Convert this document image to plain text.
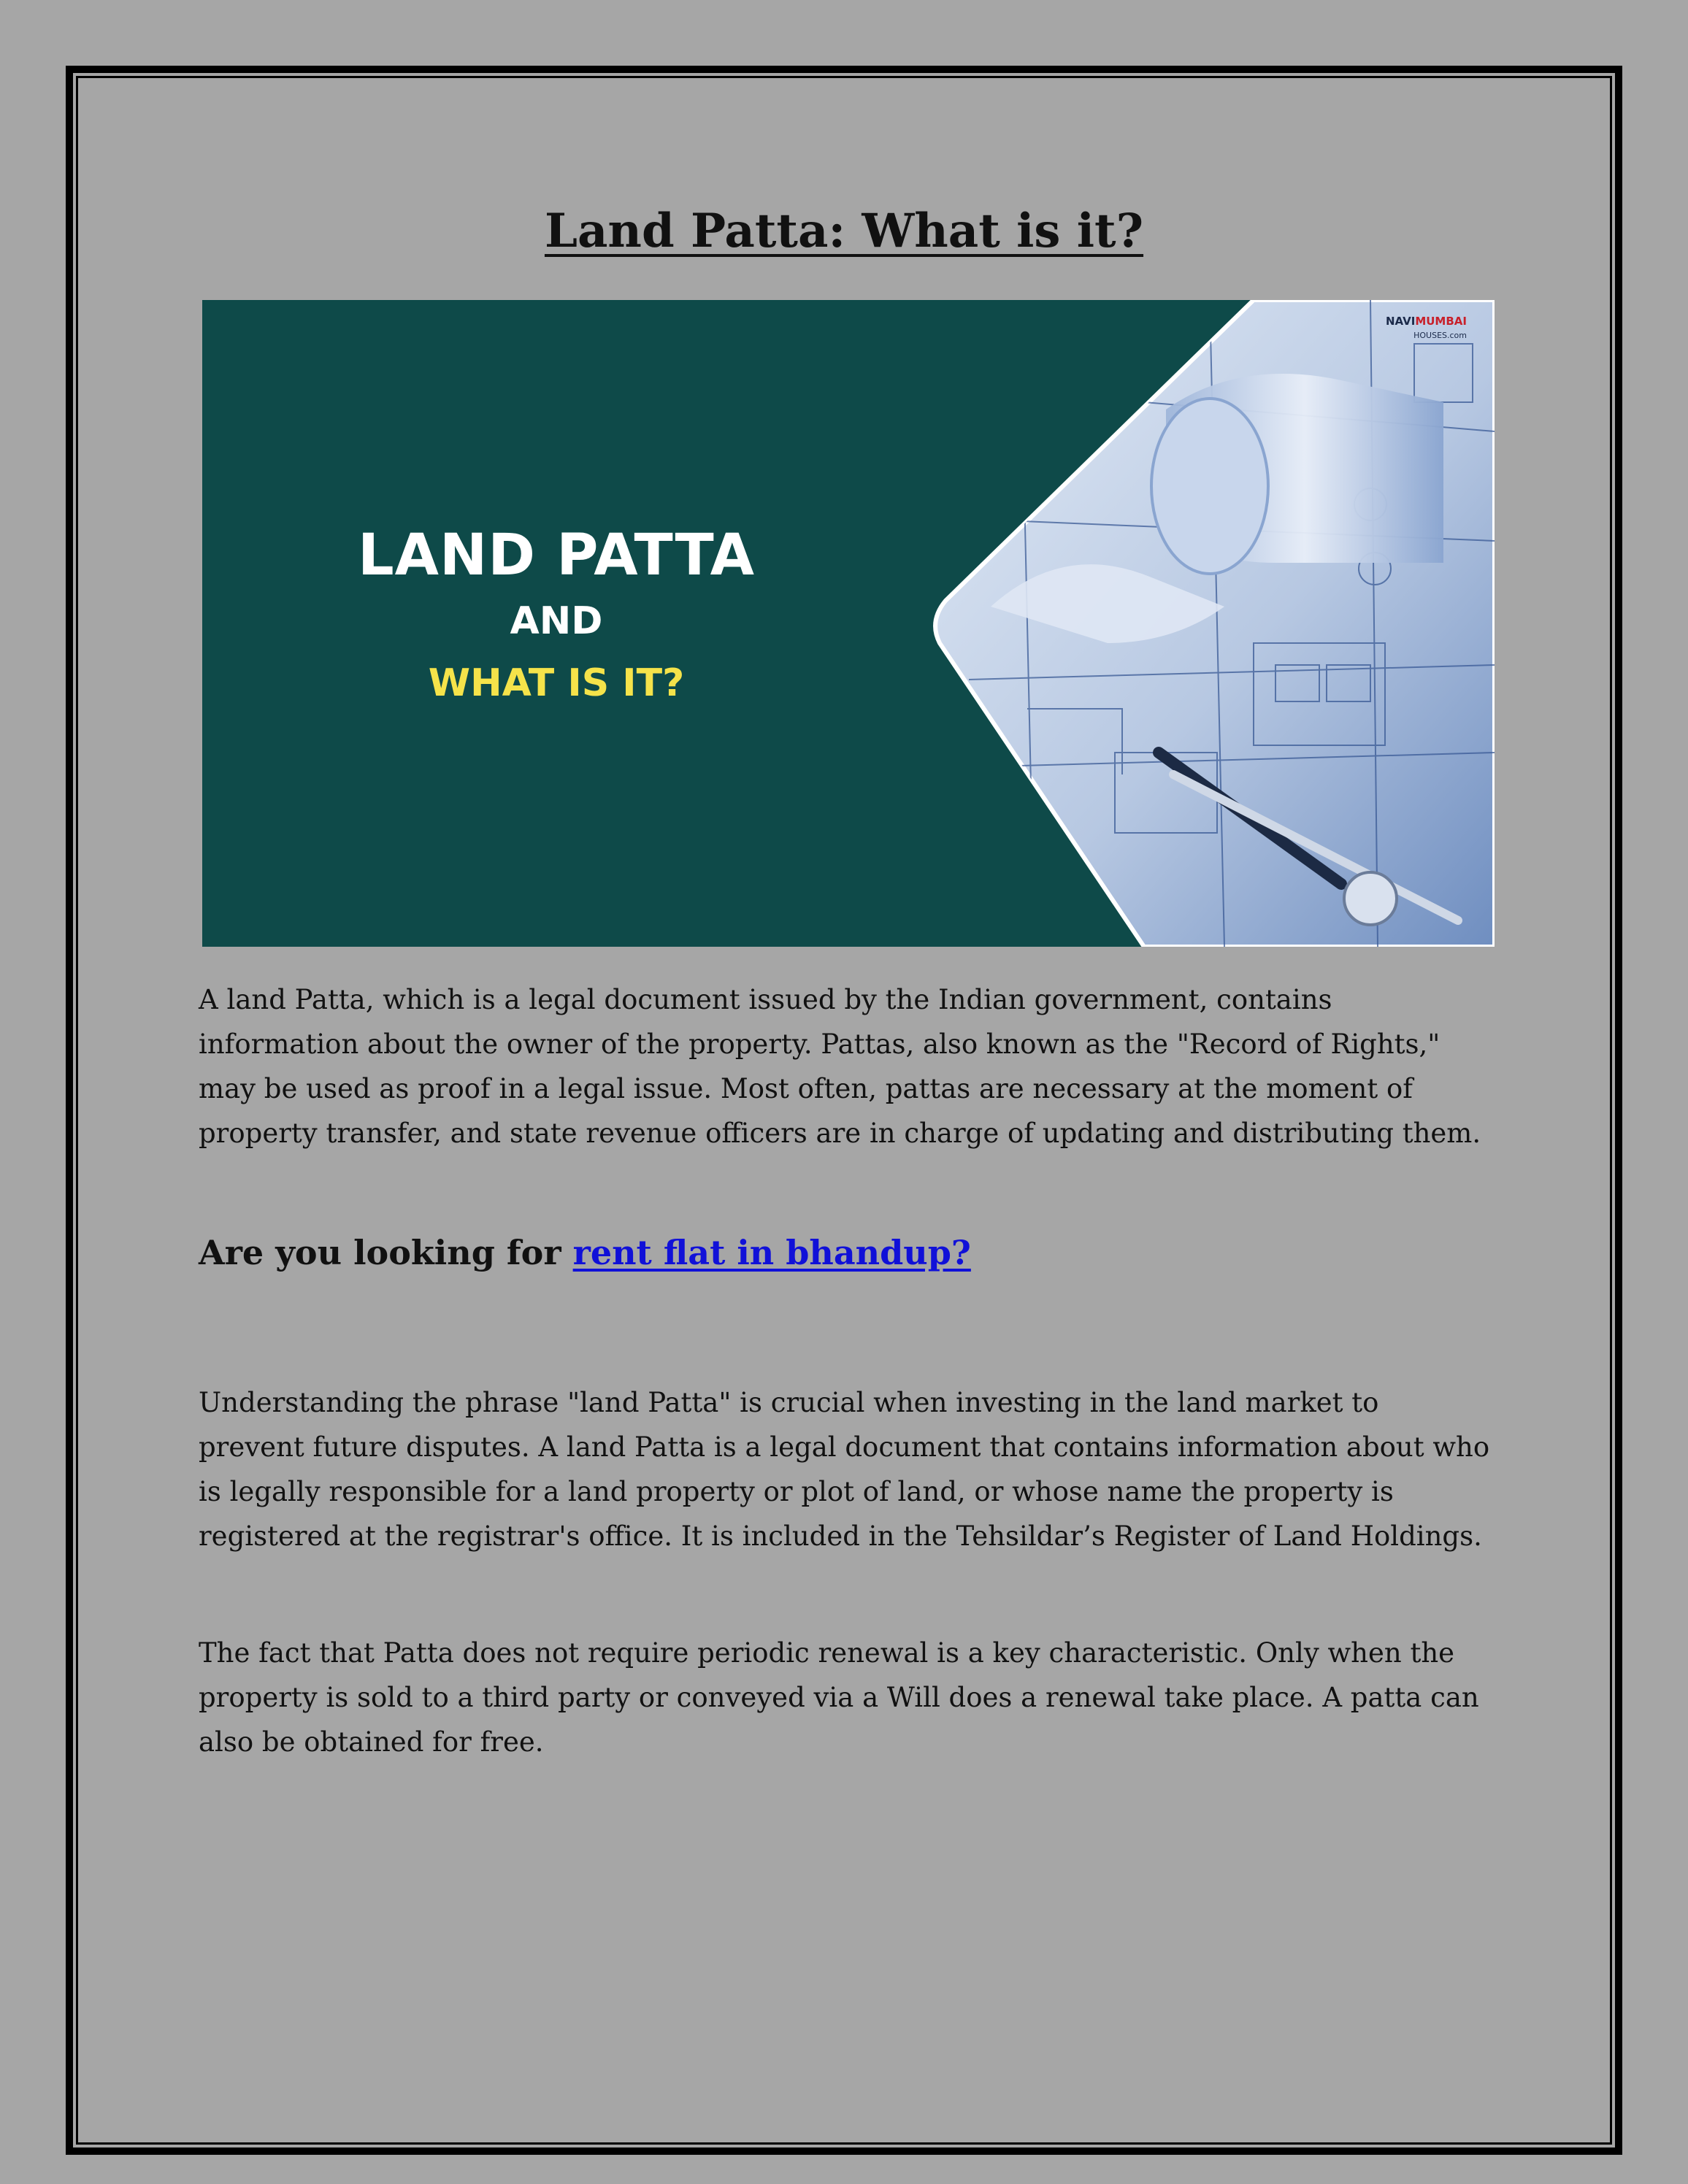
Land Patta: What is it?
LAND PATTA
AND
WHAT IS IT?
NAVIMUMBAI
HOUSES.com

A land Patta, which is a legal document issued by the Indian government, contains information about the owner of the property. Pattas, also known as the "Record of Rights," may be used as proof in a legal issue. Most often, pattas are necessary at the moment of property transfer, and state revenue officers are in charge of updating and distributing them.

Are you looking for rent flat in bhandup?

Understanding the phrase "land Patta" is crucial when investing in the land market to prevent future disputes. A land Patta is a legal document that contains information about who is legally responsible for a land property or plot of land, or whose name the property is registered at the registrar's office. It is included in the Tehsildar’s Register of Land Holdings.

The fact that Patta does not require periodic renewal is a key characteristic. Only when the property is sold to a third party or conveyed via a Will does a renewal take place. A patta can also be obtained for free.
